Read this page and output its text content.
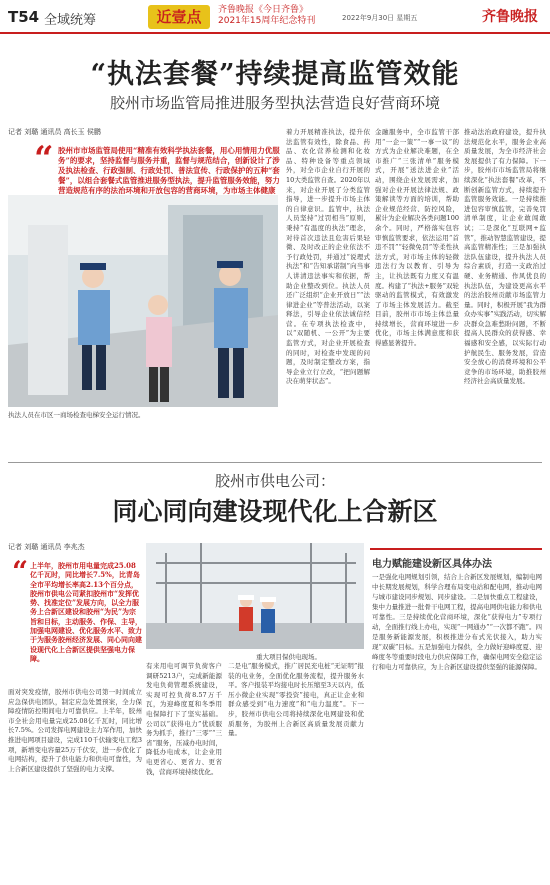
T54 全域统筹	近壹点	齐鲁晚报《今日齐鲁》
2021年15周年纪念特刊	2022年9月30日 星期五	齐鲁晚报
“执法套餐”持续提高监管效能
胶州市场监管局推进服务型执法营造良好营商环境
记者 刘璐 通讯员 高长玉 侯鹏
“ 胶州市市场监管局使用“精准有效科学执法套餐，用心用情用力优服务”的要求，坚持监督与服务并重，监督与规范结合，创新设计了涉及执法检查、行政强制、行政处罚、普法宣传、行政保护的五种“套餐”，以组合套餐式监管推进服务型执法，提升监管服务效能，努力营造规范有序的法治环境和开放包容的营商环境，为市场主体健康
执法人员在市区一商场检查电梯安全运行情况。
着力开展精准执法，提升依法监管有效性，除食品、药品、农化营养检测和化妆品、特种设备等重点领域外，对全市企业自行开展的10大类监管自查。2020年以来，对企业开展了分类监管指导，进一步提升市场主体的自律意识。监管中，执法人员坚持“过罚相当”原则，秉持“有温度的执法”理念，对待首次违法且危害后果轻微、及时改正的企业依法不予行政处罚，并通过“说理式执法”和“告知承诺制”向当事人讲清违法事实和依据，帮助企业整改到位。执法人员还广泛组织“企业开放日”“法律进企业”等普法活动，以案释法，引导企业依法诚信经营。在专项执法检查中，以“双随机、一公开”为主要监管方式，对企业开展检查的同时，对检查中发现的问题，及时制定整改方案，指导企业立行立改，“把问题解决在萌芽状态”。
金融服务中，全市监管干部用“一企一策”“一事一议”的方式为企业解决难题，在全市推广“三张清单”服务模式，开展“送法进企业”活动，围绕企业发展需求，加强对企业开展法律法规、政策解读等方面的培训，帮助企业规范经营、防控风险，累计为企业解决各类问题100余个。同时，严格落实包容审慎监管要求，依法运用“首违不罚”“轻微免罚”等柔性执法方式，对市场主体的轻微违法行为以教育、引导为主，让执法既有力度又有温度。构建了“执法+服务”双轮驱动的监管模式，有效激发了市场主体发展活力。截至目前，胶州市市场主体总量持续增长，营商环境进一步优化，市场主体满意度和获得感显著提升。
推动法治政府建设，提升执法规范化水平，服务企业高质量发展，为全市经济社会发展提供了有力保障。下一步，胶州市市场监管局将继续深化“执法套餐”改革，不断创新监管方式，持续提升监管服务效能。一是持续推进包容审慎监管，完善免罚清单制度，让企业敢闯敢试；二是深化“互联网+监管”，推动智慧监管建设，提高监管精准性；三是加强执法队伍建设，提升执法人员综合素质，打造一支政治过硬、业务精通、作风优良的执法队伍，为建设更高水平的法治胶州贡献市场监管力量。同时，积极开展“我为群众办实事”实践活动，切实解决群众急难愁盼问题，不断提高人民群众的获得感、幸福感和安全感，以实际行动护航民生、服务发展，营造安全放心的消费环境和公平竞争的市场环境，助推胶州经济社会高质量发展。
胶州市供电公司：
同心同向建设现代化上合新区
记者 刘璐 通讯员 李兆杰
“ 上半年，胶州市用电量完成25.08亿千瓦时，同比增长7.5%，比青岛全市平均增长率高2.13个百分点，胶州市供电公司紧扣胶州市“发挥优势、找准定位”发展方向，以全力服务上合新区建设和胶州“为民”为宗旨和目标，主动服务、作保、主导，加强电网建设、优化服务水平、致力于为服务胶州经济发展、同心同向建设现代化上合新区提供坚强电力保障。	重大项目保供电现场。
面对突发疫情，胶州市供电公司第一时间成立应急保供电团队，制定应急处置预案，全力保障疫情防控期间电力可靠供应。上半年，胶州市全社会用电量完成25.08亿千瓦时，同比增长7.5%。公司发挥电网建设主力军作用，加快推进电网项目建设，完成110千伏输变电工程3项，新增变电容量25万千伏安，进一步优化了电网结构，提升了供电能力和供电可靠性，为上合新区建设提供了坚强的电力支撑。
有来用电可调节负荷客户调研5213户，完成新能源发电负荷管理系统建设，实现可控负荷8.57万千瓦，为迎峰度夏和冬季用电保障打下了坚实基础。公司以“获得电力”优质服务为抓手，推行“三零”“三省”服务，压减办电时间，降低办电成本，让企业用电更省心、更省力、更省钱，营商环境持续优化。
二是电”服务模式，推广居民充电桩“无证明”报装的电业务，全面优化服务流程，提升服务水平。客户报装平均接电时长压缩至3天以内，低压小微企业实现“零投资”接电，真正让企业和群众感受到“电力速度”和“电力温度”。下一步，胶州市供电公司将持续深化电网建设和优质服务，为胶州上合新区高质量发展贡献力量。
电力赋能建设新区具体办法
一是强化电网规划引领，结合上合新区发展规划，编制电网中长期发展规划，科学合理布局变电站和配电网，推动电网与城市建设同步规划、同步建设。二是加快重点工程建设，集中力量推进一批骨干电网工程，提高电网供电能力和供电可靠性。三是持续优化营商环境，深化“获得电力”专项行动，全面推行线上办电，实现“一网通办”“一次都不跑”。四是服务新能源发展，积极推进分布式光伏接入，助力实现“双碳”目标。五是加强电力保供，全力做好迎峰度夏、迎峰度冬等重要时段电力供应保障工作，确保电网安全稳定运行和电力可靠供应，为上合新区建设提供坚强的能源保障。
